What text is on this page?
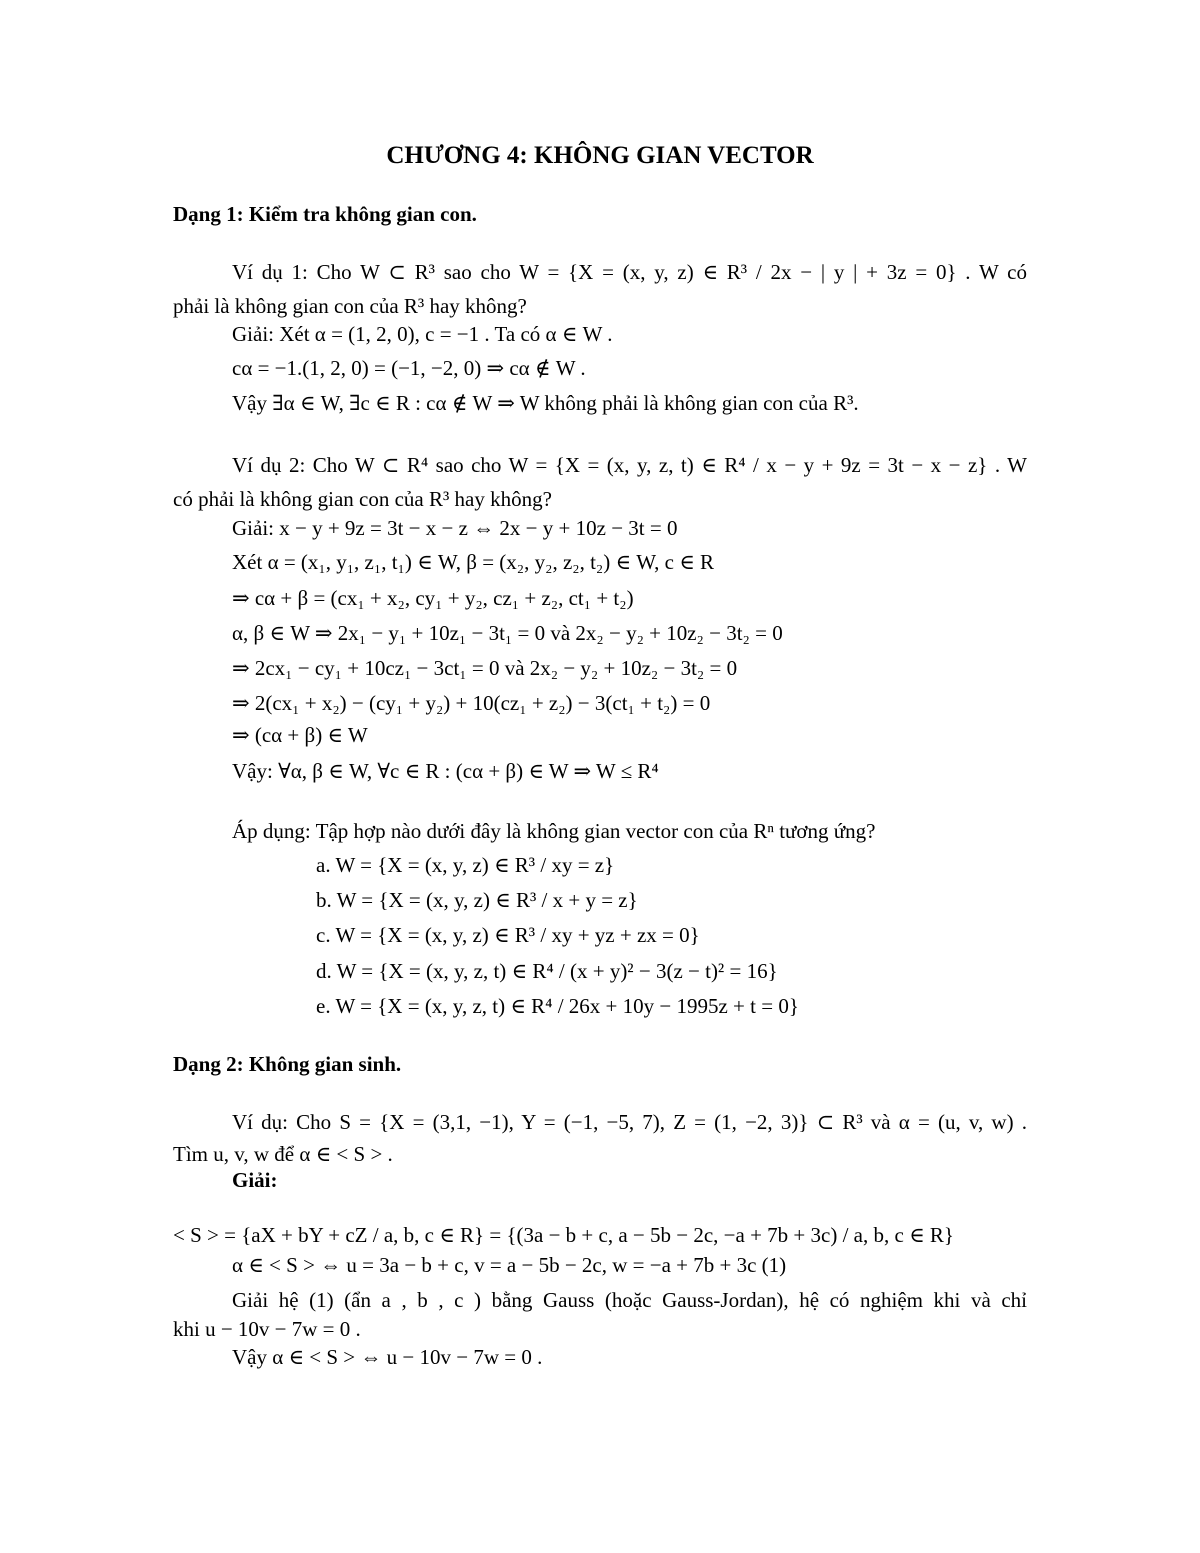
CHƯƠNG 4: KHÔNG GIAN VECTOR
Dạng 1: Kiểm tra không gian con.
Ví dụ 1: Cho W ⊂ R³ sao cho W = {X = (x, y, z) ∈ R³ / 2x − | y | + 3z = 0} . W có
phải là không gian con của R³ hay không?
Giải: Xét α = (1, 2, 0), c = −1 . Ta có α ∈ W .
cα = −1.(1, 2, 0) = (−1, −2, 0) ⇒ cα ∉ W .
Vậy ∃α ∈ W, ∃c ∈ R : cα ∉ W ⇒ W không phải là không gian con của R³.
Ví dụ 2: Cho W ⊂ R⁴ sao cho W = {X = (x, y, z, t) ∈ R⁴ / x − y + 9z = 3t − x − z} . W
có phải là không gian con của R³ hay không?
Giải: x − y + 9z = 3t − x − z ⇔ 2x − y + 10z − 3t = 0
Xét α = (x₁, y₁, z₁, t₁) ∈ W, β = (x₂, y₂, z₂, t₂) ∈ W, c ∈ R
⇒ cα + β = (cx₁ + x₂, cy₁ + y₂, cz₁ + z₂, ct₁ + t₂)
α, β ∈ W ⇒ 2x₁ − y₁ + 10z₁ − 3t₁ = 0 và 2x₂ − y₂ + 10z₂ − 3t₂ = 0
⇒ 2cx₁ − cy₁ + 10cz₁ − 3ct₁ = 0 và 2x₂ − y₂ + 10z₂ − 3t₂ = 0
⇒ 2(cx₁ + x₂) − (cy₁ + y₂) + 10(cz₁ + z₂) − 3(ct₁ + t₂) = 0
⇒ (cα + β) ∈ W
Vậy: ∀α, β ∈ W, ∀c ∈ R : (cα + β) ∈ W ⇒ W ≤ R⁴
Áp dụng: Tập hợp nào dưới đây là không gian vector con của Rⁿ tương ứng?
a. W = {X = (x, y, z) ∈ R³ / xy = z}
b. W = {X = (x, y, z) ∈ R³ / x + y = z}
c. W = {X = (x, y, z) ∈ R³ / xy + yz + zx = 0}
d. W = {X = (x, y, z, t) ∈ R⁴ / (x + y)² − 3(z − t)² = 16}
e. W = {X = (x, y, z, t) ∈ R⁴ / 26x + 10y − 1995z + t = 0}
Dạng 2: Không gian sinh.
Ví dụ: Cho S = {X = (3,1, −1), Y = (−1, −5, 7), Z = (1, −2, 3)} ⊂ R³ và α = (u, v, w) .
Tìm u, v, w để α ∈ < S > .
Giải:
< S > = {aX + bY + cZ / a, b, c ∈ R} = {(3a − b + c, a − 5b − 2c, −a + 7b + 3c) / a, b, c ∈ R}
α ∈ < S > ⇔ u = 3a − b + c, v = a − 5b − 2c, w = −a + 7b + 3c (1)
Giải hệ (1) (ẩn a , b , c ) bằng Gauss (hoặc Gauss-Jordan), hệ có nghiệm khi và chỉ
khi u − 10v − 7w = 0 .
Vậy α ∈ < S > ⇔ u − 10v − 7w = 0 .
